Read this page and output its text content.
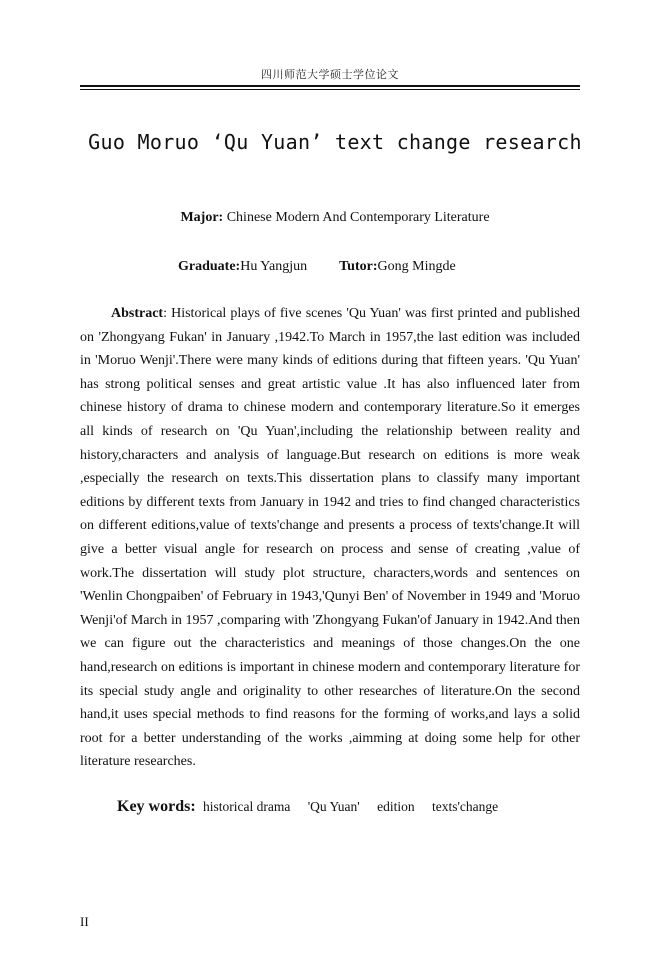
四川师范大学硕士学位论文
Guo Moruo ‘Qu Yuan’ text change research
Major: Chinese Modern And Contemporary Literature
Graduate:Hu Yangjun Tutor:Gong Mingde
Abstract: Historical plays of five scenes 'Qu Yuan' was first printed and published on 'Zhongyang Fukan' in January ,1942.To March in 1957,the last edition was included in 'Moruo Wenji'.There were many kinds of editions during that fifteen years. 'Qu Yuan' has strong political senses and great artistic value .It has also influenced later from chinese history of drama to chinese modern and contemporary literature.So it emerges all kinds of research on 'Qu Yuan',including the relationship between reality and history,characters and analysis of language.But research on editions is more weak ,especially the research on texts.This dissertation plans to classify many important editions by different texts from January in 1942 and tries to find changed characteristics on different editions,value of texts'change and presents a process of texts'change.It will give a better visual angle for research on process and sense of creating ,value of work.The dissertation will study plot structure, characters,words and sentences on 'Wenlin Chongpaiben' of February in 1943,'Qunyi Ben' of November in 1949 and 'Moruo Wenji'of March in 1957 ,comparing with 'Zhongyang Fukan'of January in 1942.And then we can figure out the characteristics and meanings of those changes.On the one hand,research on editions is important in chinese modern and contemporary literature for its special study angle and originality to other researches of literature.On the second hand,it uses special methods to find reasons for the forming of works,and lays a solid root for a better understanding of the works ,aimming at doing some help for other literature researches.
Key words: historical drama 'Qu Yuan' edition texts'change
II
